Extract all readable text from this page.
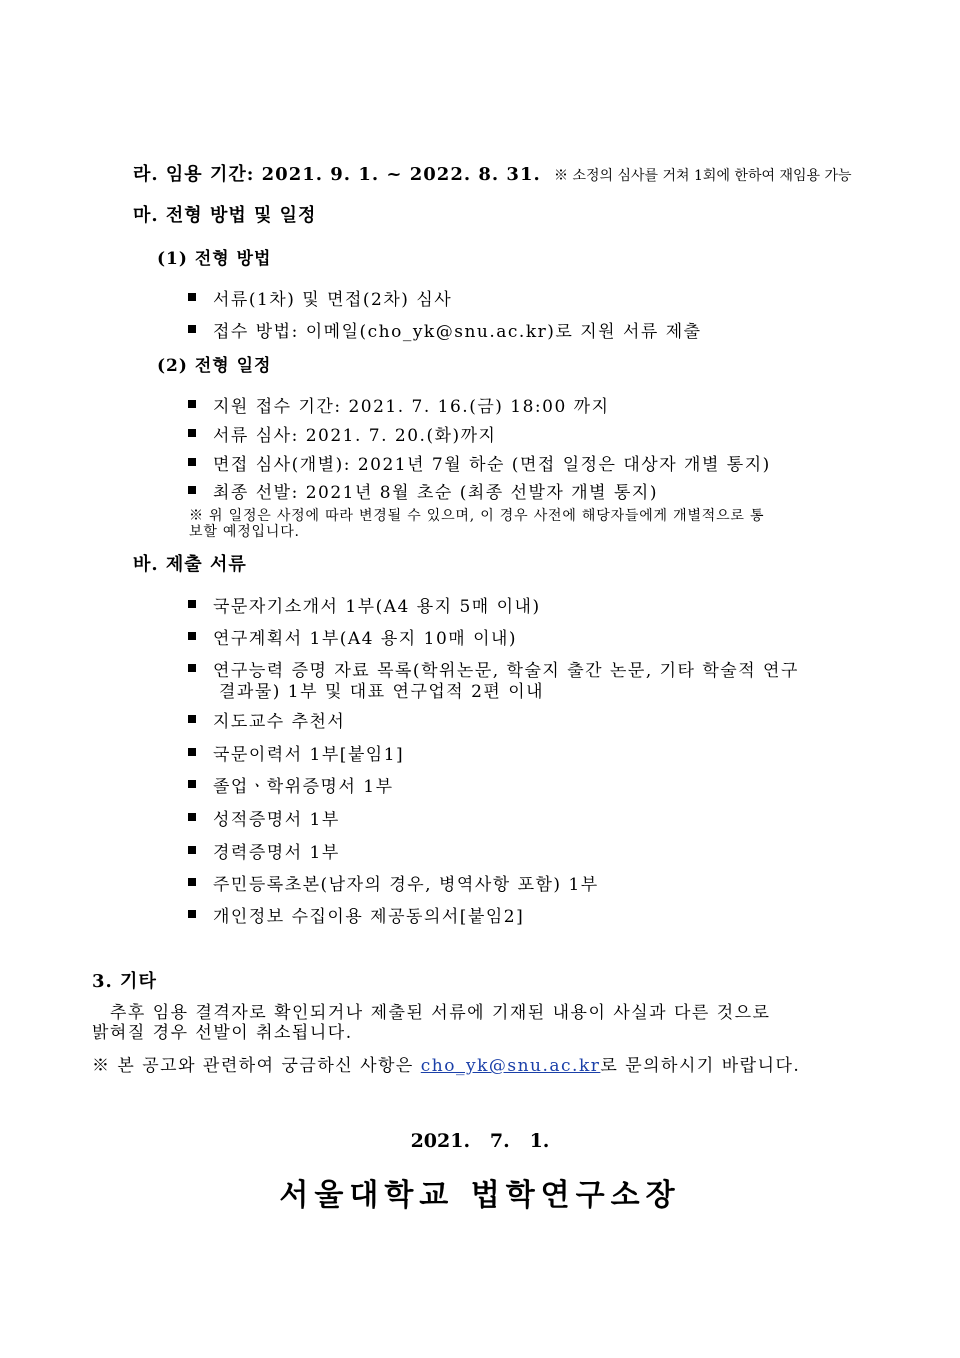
라. 임용 기간: 2021. 9. 1. ~ 2022. 8. 31. ※ 소정의 심사를 거쳐 1회에 한하여 재임용 가능
마. 전형 방법 및 일정
(1) 전형 방법
서류(1차) 및 면접(2차) 심사
접수 방법: 이메일(cho_yk@snu.ac.kr)로 지원 서류 제출
(2) 전형 일정
지원 접수 기간: 2021. 7. 16.(금) 18:00 까지
서류 심사: 2021. 7. 20.(화)까지
면접 심사(개별): 2021년 7월 하순 (면접 일정은 대상자 개별 통지)
최종 선발: 2021년 8월 초순 (최종 선발자 개별 통지)
※ 위 일정은 사정에 따라 변경될 수 있으며, 이 경우 사전에 해당자들에게 개별적으로 통
보할 예정입니다.
바. 제출 서류
국문자기소개서 1부(A4 용지 5매 이내)
연구계획서 1부(A4 용지 10매 이내)
연구능력 증명 자료 목록(학위논문, 학술지 출간 논문, 기타 학술적 연구
결과물) 1부 및 대표 연구업적 2편 이내
지도교수 추천서
국문이력서 1부[붙임1]
졸업ㆍ학위증명서 1부
성적증명서 1부
경력증명서 1부
주민등록초본(남자의 경우, 병역사항 포함) 1부
개인정보 수집이용 제공동의서[붙임2]
3. 기타
추후 임용 결격자로 확인되거나 제출된 서류에 기재된 내용이 사실과 다른 것으로
밝혀질 경우 선발이 취소됩니다.
※ 본 공고와 관련하여 궁금하신 사항은 cho_yk@snu.ac.kr로 문의하시기 바랍니다.
2021.   7.   1.
서울대학교 법학연구소장
